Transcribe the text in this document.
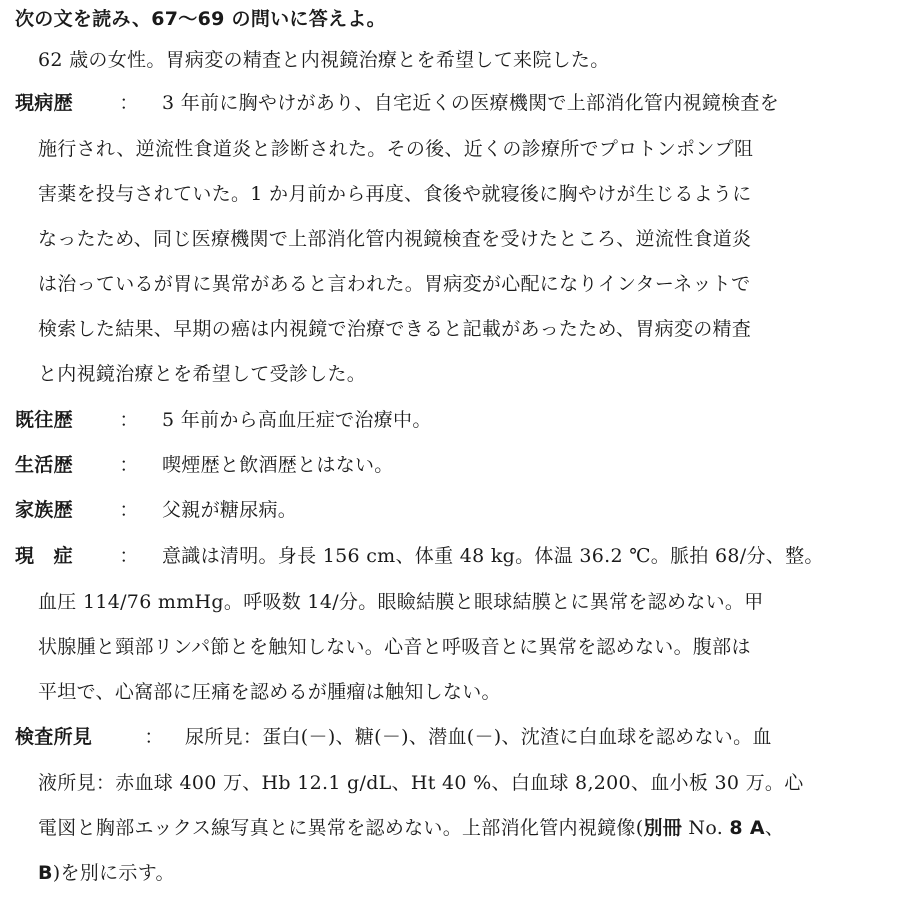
次の文を読み、67〜69 の問いに答えよ。
62 歳の女性。胃病変の精査と内視鏡治療とを希望して来院した。
現病歴 ： 3 年前に胸やけがあり、自宅近くの医療機関で上部消化管内視鏡検査を
施行され、逆流性食道炎と診断された。その後、近くの診療所でプロトンポンプ阻
害薬を投与されていた。1 か月前から再度、食後や就寝後に胸やけが生じるように
なったため、同じ医療機関で上部消化管内視鏡検査を受けたところ、逆流性食道炎
は治っているが胃に異常があると言われた。胃病変が心配になりインターネットで
検索した結果、早期の癌は内視鏡で治療できると記載があったため、胃病変の精査
と内視鏡治療とを希望して受診した。
既往歴 ： 5 年前から高血圧症で治療中。
生活歴 ： 喫煙歴と飲酒歴とはない。
家族歴 ： 父親が糖尿病。
現　症 ： 意識は清明。身長 156 cm、体重 48 kg。体温 36.2 ℃。脈拍 68/分、整。
血圧 114/76 mmHg。呼吸数 14/分。眼瞼結膜と眼球結膜とに異常を認めない。甲
状腺腫と頸部リンパ節とを触知しない。心音と呼吸音とに異常を認めない。腹部は
平坦で、心窩部に圧痛を認めるが腫瘤は触知しない。
検査所見	： 尿所見：蛋白(－)、糖(－)、潜血(－)、沈渣に白血球を認めない。血
液所見：赤血球 400 万、Hb 12.1 g/dL、Ht 40 %、白血球 8,200、血小板 30 万。心
電図と胸部エックス線写真とに異常を認めない。上部消化管内視鏡像(別冊 No. 8 A、
B)を別に示す。
